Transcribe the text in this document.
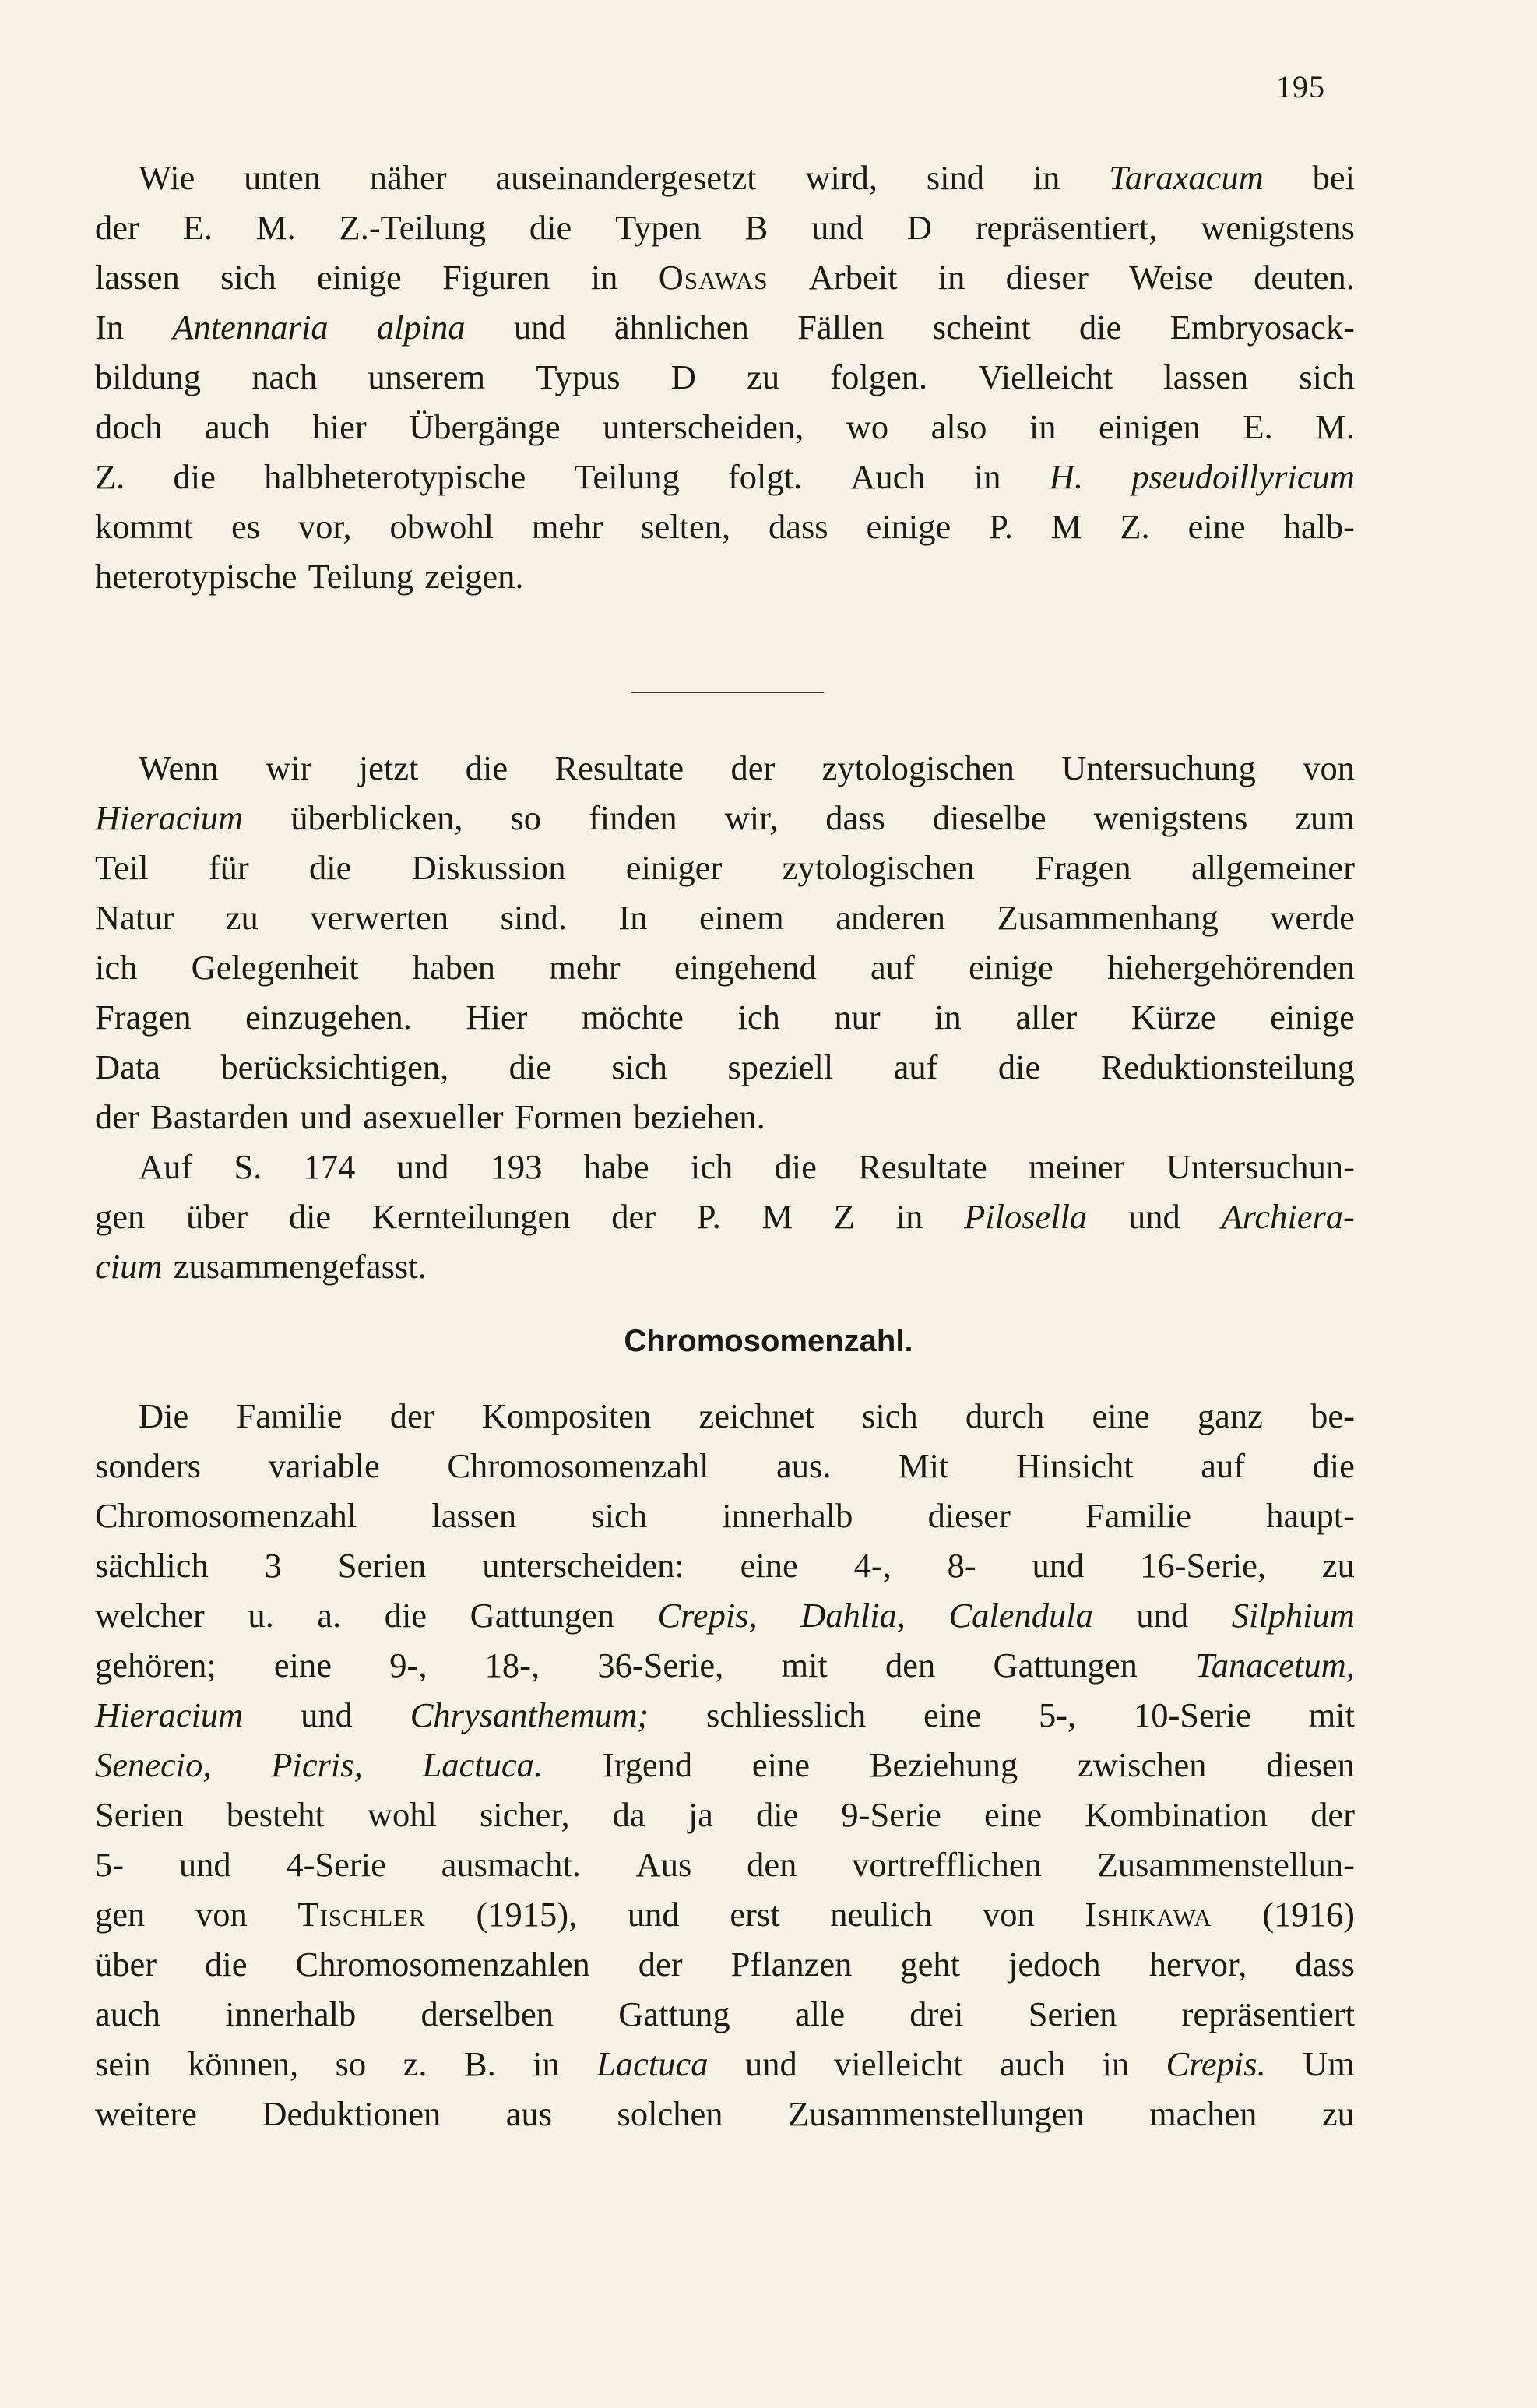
195
Wie unten näher auseinandergesetzt wird, sind in Taraxacum bei
der E. M. Z.-Teilung die Typen B und D repräsentiert, wenigstens
lassen sich einige Figuren in Osawas Arbeit in dieser Weise deuten.
In Antennaria alpina und ähnlichen Fällen scheint die Embryosack-
bildung nach unserem Typus D zu folgen. Vielleicht lassen sich
doch auch hier Übergänge unterscheiden, wo also in einigen E. M.
Z. die halbheterotypische Teilung folgt. Auch in H. pseudoillyricum
kommt es vor, obwohl mehr selten, dass einige P. M Z. eine halb-
heterotypische Teilung zeigen.
Wenn wir jetzt die Resultate der zytologischen Untersuchung von
Hieracium überblicken, so finden wir, dass dieselbe wenigstens zum
Teil für die Diskussion einiger zytologischen Fragen allgemeiner
Natur zu verwerten sind. In einem anderen Zusammenhang werde
ich Gelegenheit haben mehr eingehend auf einige hiehergehörenden
Fragen einzugehen. Hier möchte ich nur in aller Kürze einige
Data berücksichtigen, die sich speziell auf die Reduktionsteilung
der Bastarden und asexueller Formen beziehen.
Auf S. 174 und 193 habe ich die Resultate meiner Untersuchun-
gen über die Kernteilungen der P. M Z in Pilosella und Archiera-
cium zusammengefasst.
Chromosomenzahl.
Die Familie der Kompositen zeichnet sich durch eine ganz be-
sonders variable Chromosomenzahl aus. Mit Hinsicht auf die
Chromosomenzahl lassen sich innerhalb dieser Familie haupt-
sächlich 3 Serien unterscheiden: eine 4-, 8- und 16-Serie, zu
welcher u. a. die Gattungen Crepis, Dahlia, Calendula und Silphium
gehören; eine 9-, 18-, 36-Serie, mit den Gattungen Tanacetum,
Hieracium und Chrysanthemum; schliesslich eine 5-, 10-Serie mit
Senecio, Picris, Lactuca. Irgend eine Beziehung zwischen diesen
Serien besteht wohl sicher, da ja die 9-Serie eine Kombination der
5- und 4-Serie ausmacht. Aus den vortrefflichen Zusammenstellun-
gen von Tischler (1915), und erst neulich von Ishikawa (1916)
über die Chromosomenzahlen der Pflanzen geht jedoch hervor, dass
auch innerhalb derselben Gattung alle drei Serien repräsentiert
sein können, so z. B. in Lactuca und vielleicht auch in Crepis. Um
weitere Deduktionen aus solchen Zusammenstellungen machen zu
